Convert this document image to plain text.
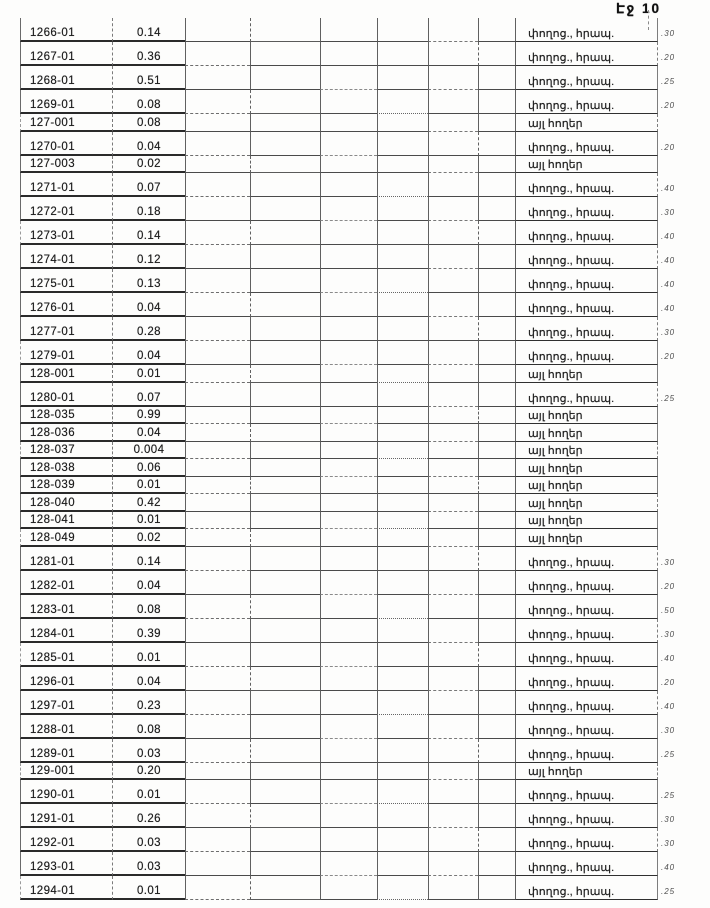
Էջ 10
1266-01	0.14	փողոց., հրապ.	.30
1267-01	0.36	փողոց., հրապ.	.20
1268-01	0.51	փողոց., հրապ.	.25
1269-01	0.08	փողոց., հրապ.	.20
127-001	0.08	այլ հողեր
1270-01	0.04	փողոց., հրապ.	.20
127-003	0.02	այլ հողեր
1271-01	0.07	փողոց., հրապ.	.40
1272-01	0.18	փողոց., հրապ.	.30
1273-01	0.14	փողոց., հրապ.	.40
1274-01	0.12	փողոց., հրապ.	.40
1275-01	0.13	փողոց., հրապ.	.40
1276-01	0.04	փողոց., հրապ.	.40
1277-01	0.28	փողոց., հրապ.	.30
1279-01	0.04	փողոց., հրապ.	.20
128-001	0.01	այլ հողեր
1280-01	0.07	փողոց., հրապ.	.25
128-035	0.99	այլ հողեր
128-036	0.04	այլ հողեր
128-037	0.004	այլ հողեր
128-038	0.06	այլ հողեր
128-039	0.01	այլ հողեր
128-040	0.42	այլ հողեր
128-041	0.01	այլ հողեր
128-049	0.02	այլ հողեր
1281-01	0.14	փողոց., հրապ.	.30
1282-01	0.04	փողոց., հրապ.	.20
1283-01	0.08	փողոց., հրապ.	.50
1284-01	0.39	փողոց., հրապ.	.30
1285-01	0.01	փողոց., հրապ.	.40
1296-01	0.04	փողոց., հրապ.	.20
1297-01	0.23	փողոց., հրապ.	.40
1288-01	0.08	փողոց., հրապ.	.30
1289-01	0.03	փողոց., հրապ.	.25
129-001	0.20	այլ հողեր
1290-01	0.01	փողոց., հրապ.	.25
1291-01	0.26	փողոց., հրապ.	.30
1292-01	0.03	փողոց., հրապ.	.30
1293-01	0.03	փողոց., հրապ.	.40
1294-01	0.01	փողոց., հրապ.	.25
